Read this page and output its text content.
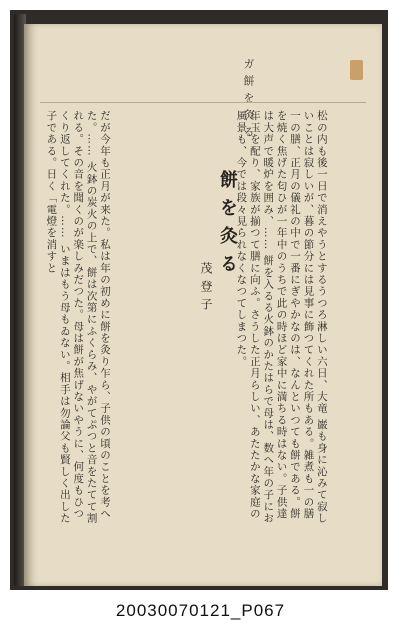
ガ餅を灸る

松の内も後一日で消えやうとするうつろ淋しい六日、大竜 巌も身に沁みて寂しいことは寂しいが、暮の節分には見事に飾つてくれた所もある。雑煮も一の膳一の膳、正月の儀礼の中で一番にぎやかなのは、なんといつても餅である。餅を焼く焦げた匂ひが一年中のうちで此の時ほど家中に満ちる時はない。子供達は大声で暖炉を囲み、…… 餅を入るる火鉢のかたはらで母は、数へ年の子にお年玉を配り、家族が揃つて膳に向ふ。さうした正月らしい、あたたかな家庭の風景も、今では段々見られなくなつてしまつた。

餅を灸る
茂登子

だが今年も正月が来た。私は年の初めに餅を灸り乍ら、子供の頃のことを考へた。…… 火鉢の炭火の上で、餅は次第にふくらみ、やがてぷつと音をたてて割れる。その音を聞くのが楽しみだつた。母は餅が焦げないやうに、何度もひつくり返してくれた。…… いまはもう母もゐない。相手は勿論父も賢しく出した子である。日く「電燈を消すと

20030070121_P067
